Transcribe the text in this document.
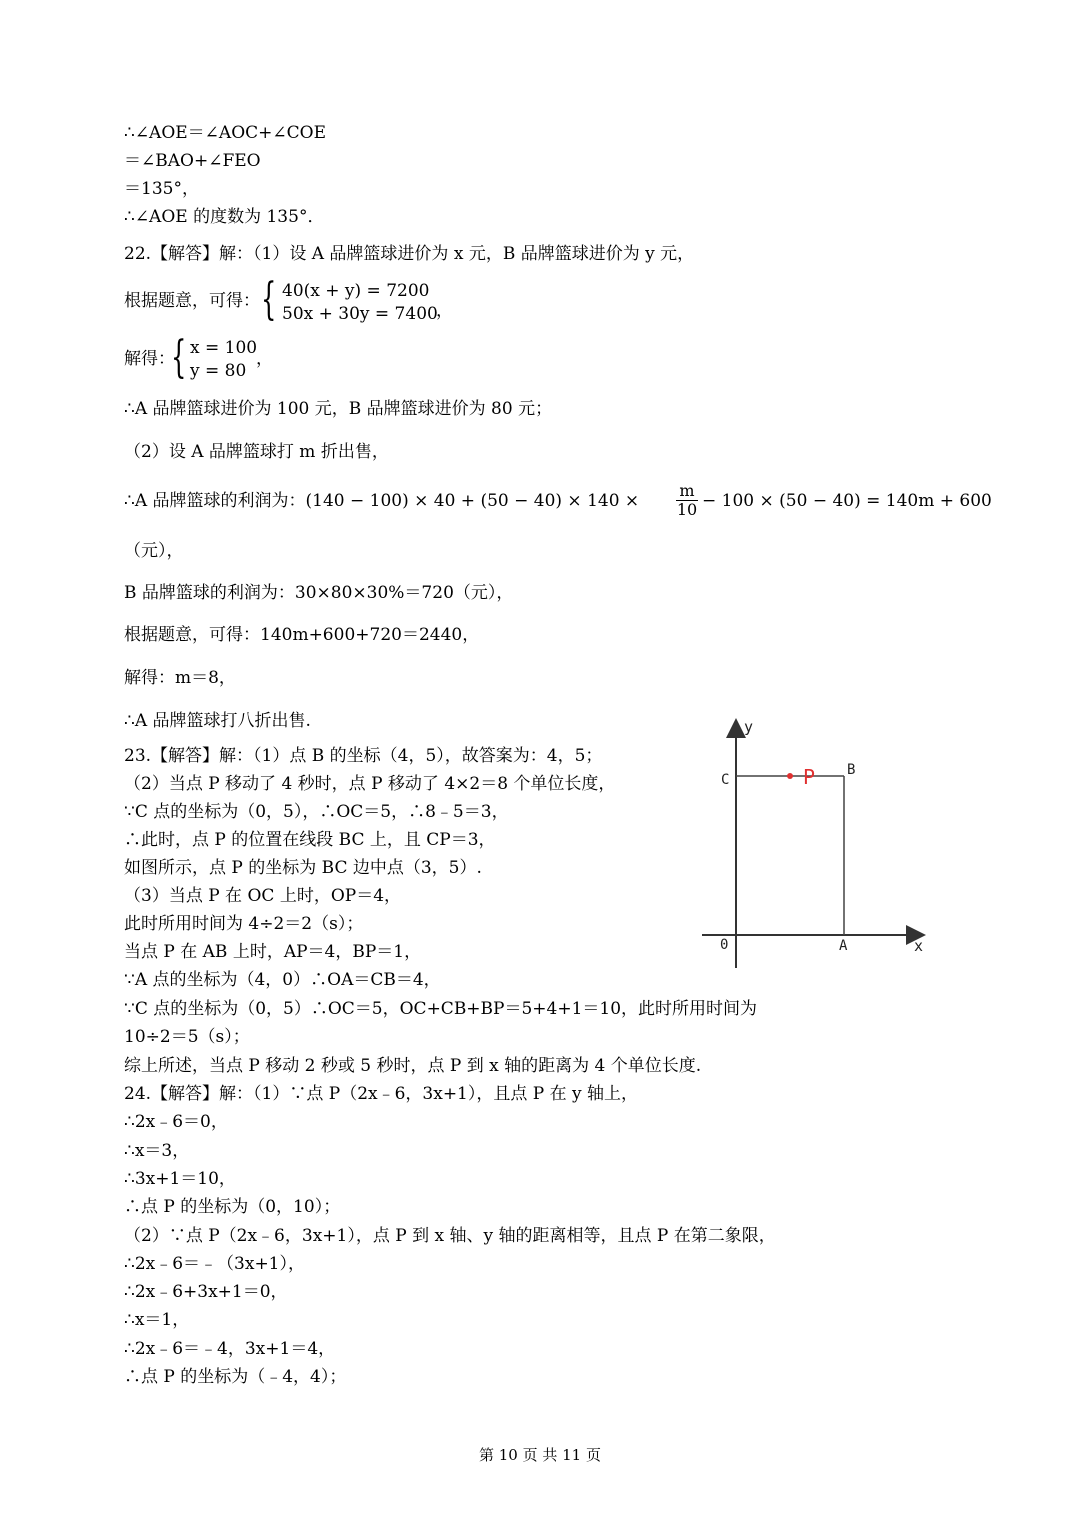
∴∠AOE＝∠AOC+∠COE
＝∠BAO+∠FEO
＝135°，
∴∠AOE 的度数为 135°．
22.【解答】解：（1）设 A 品牌篮球进价为 x 元，B 品牌篮球进价为 y 元，
根据题意，可得： { 40(x + y) = 7200
50x + 30y = 7400
，
解得：
{ x = 100
y = 80
，
∴A 品牌篮球进价为 100 元，B 品牌篮球进价为 80 元；
（2）设 A 品牌篮球打 m 折出售，
∴A 品牌篮球的利润为：$(140 - 100) \times 40 + (50 - 40) \times 140 \times \frac{m}{10} - 100 \times (50 - 40) = 140m + 600$
（元），
B 品牌篮球的利润为：30×80×30%＝720（元），
根据题意，可得：140m+600+720＝2440，
解得：m＝8，
∴A 品牌篮球打八折出售.
23.【解答】解：（1）点 B 的坐标（4，5），故答案为：4，5；
（2）当点 P 移动了 4 秒时，点 P 移动了 4×2＝8 个单位长度，
∵C 点的坐标为（0，5），∴OC＝5，∴8﹣5＝3，
∴此时，点 P 的位置在线段 BC 上，且 CP＝3，
如图所示，点 P 的坐标为 BC 边中点（3，5）.
（3）当点 P 在 OC 上时，OP＝4，
此时所用时间为 4÷2＝2（s）；
当点 P 在 AB 上时，AP＝4，BP＝1，
∵A 点的坐标为（4，0）∴OA＝CB＝4，
∵C 点的坐标为（0，5）∴OC＝5，OC+CB+BP＝5+4+1＝10，此时所用时间为
10÷2＝5（s）；
综上所述，当点 P 移动 2 秒或 5 秒时，点 P 到 x 轴的距离为 4 个单位长度.
24.【解答】解：（1）∵点 P（2x﹣6，3x+1），且点 P 在 y 轴上，
∴2x﹣6＝0，
∴x＝3，
∴3x+1＝10，
∴点 P 的坐标为（0，10）；
（2）∵点 P（2x﹣6，3x+1），点 P 到 x 轴、y 轴的距离相等，且点 P 在第二象限，
∴2x﹣6＝﹣（3x+1），
∴2x﹣6+3x+1＝0，
∴x＝1，
∴2x﹣6＝﹣4，3x+1＝4，
∴点 P 的坐标为（﹣4，4）；
y
x
0	A
B
C	P
第 10 页 共 11 页
